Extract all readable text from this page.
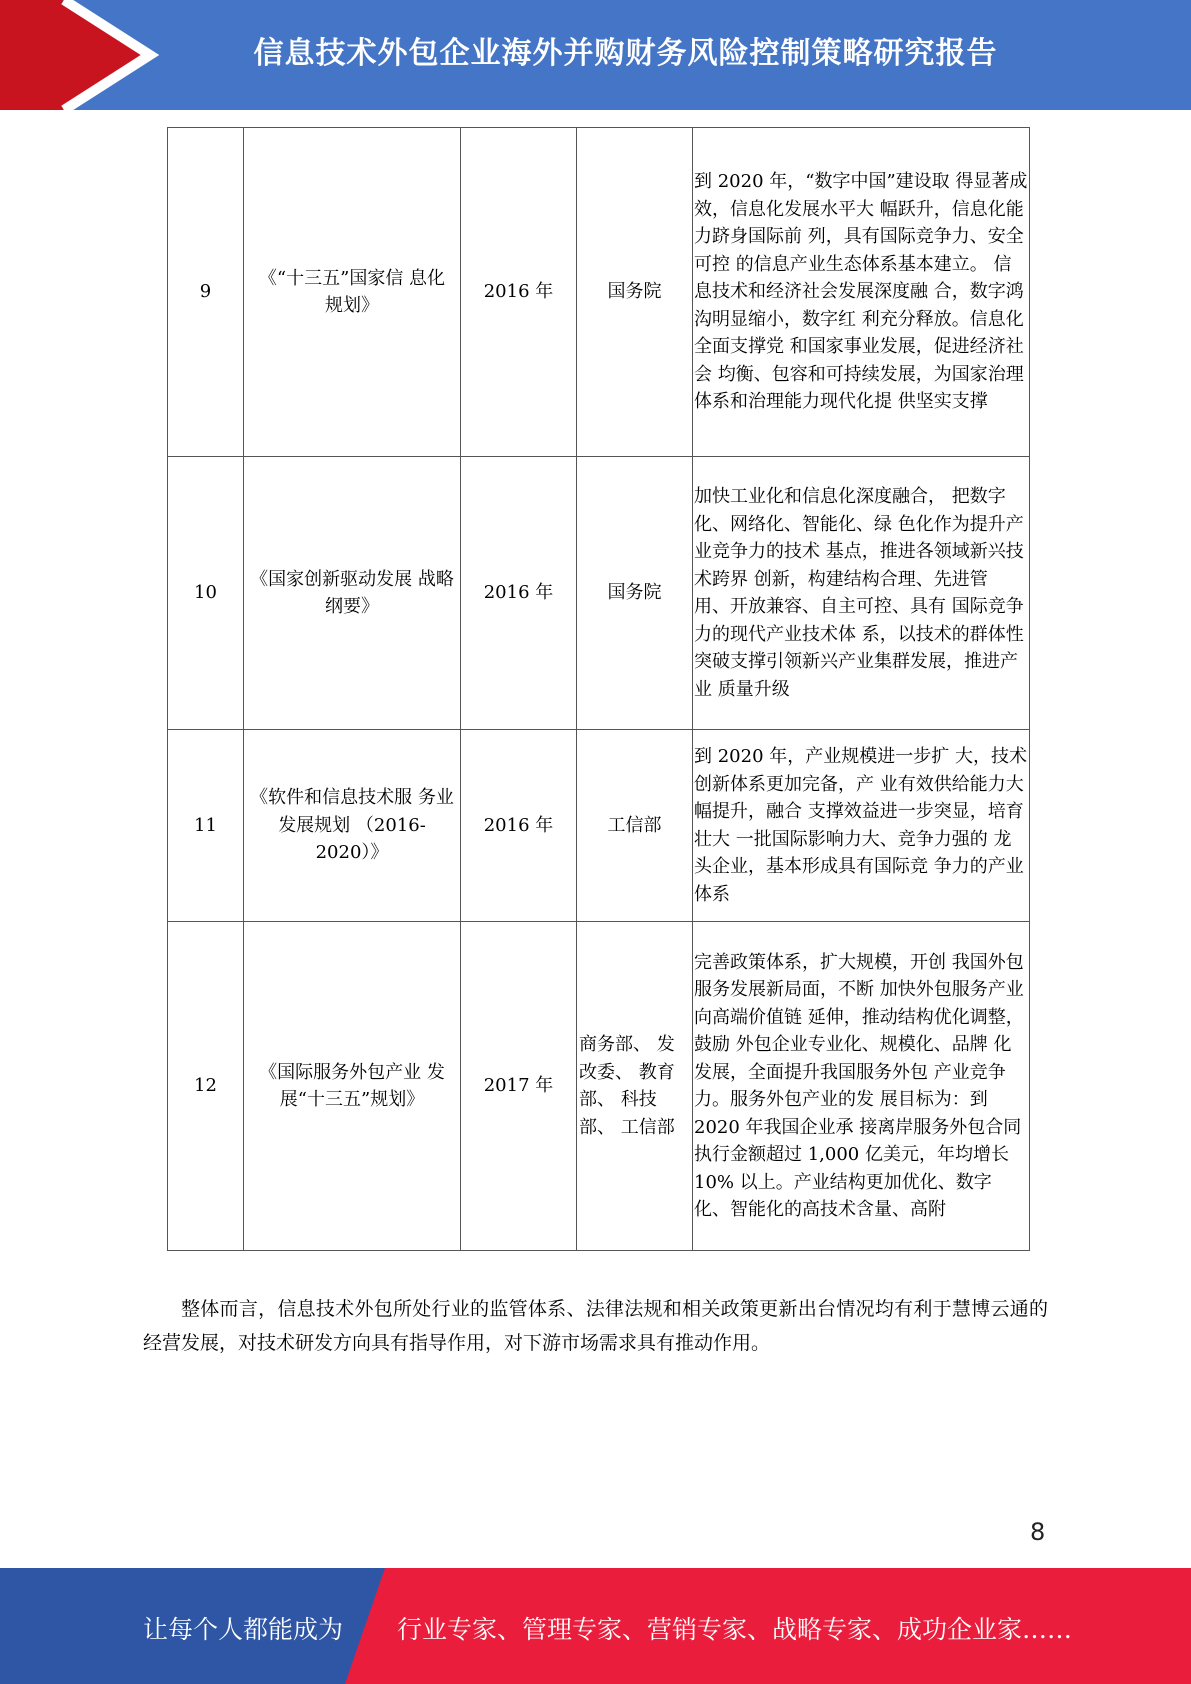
信息技术外包企业海外并购财务风险控制策略研究报告
9	《“十三五”国家信 息化规划》	2016 年	国务院	到 2020 年，“数字中国”建设取 得显著成效，信息化发展水平大 幅跃升，信息化能力跻身国际前 列，具有国际竞争力、安全可控 的信息产业生态体系基本建立。 信息技术和经济社会发展深度融 合，数字鸿沟明显缩小，数字红 利充分释放。信息化全面支撑党 和国家事业发展，促进经济社会 均衡、包容和可持续发展，为国家治理体系和治理能力现代化提 供坚实支撑

10	《国家创新驱动发展 战略纲要》	2016 年	国务院	加快工业化和信息化深度融合， 把数字化、网络化、智能化、绿 色化作为提升产业竞争力的技术 基点，推进各领域新兴技术跨界 创新，构建结构合理、先进管 用、开放兼容、自主可控、具有 国际竞争力的现代产业技术体 系，以技术的群体性突破支撑引领新兴产业集群发展，推进产业 质量升级

11	《软件和信息技术服 务业发展规划 （2016-2020）》	2016 年	工信部	到 2020 年，产业规模进一步扩 大，技术创新体系更加完备，产 业有效供给能力大幅提升，融合 支撑效益进一步突显，培育壮大 一批国际影响力大、竞争力强的 龙头企业，基本形成具有国际竞 争力的产业体系

12	《国际服务外包产业 发展“十三五”规划》	2017 年	商务部、 发改委、 教育部、 科技部、 工信部	完善政策体系，扩大规模，开创 我国外包服务发展新局面，不断 加快外包服务产业向高端价值链 延伸，推动结构优化调整，鼓励 外包企业专业化、规模化、品牌 化发展，全面提升我国服务外包 产业竞争力。服务外包产业的发 展目标为：到 2020 年我国企业承 接离岸服务外包合同执行金额超过 1,000 亿美元，年均增长 10% 以上。产业结构更加优化、数字 化、智能化的高技术含量、高附

整体而言，信息技术外包所处行业的监管体系、法律法规和相关政策更新出台情况均有利于慧博云通的经营发展，对技术研发方向具有指导作用，对下游市场需求具有推动作用。

8
让每个人都能成为 行业专家、管理专家、营销专家、战略专家、成功企业家……
